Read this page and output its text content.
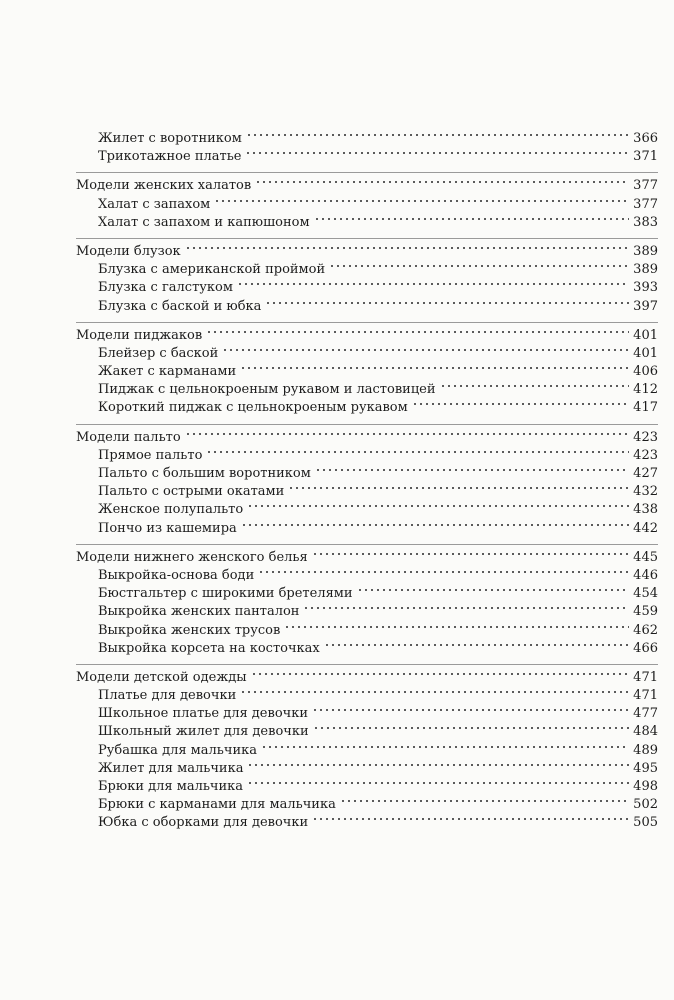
Жилет с воротником	366
Трикотажное платье	371
Модели женских халатов	377
Халат с запахом	377
Халат с запахом и капюшоном	383
Модели блузок	389
Блузка с американской проймой	389
Блузка с галстуком	393
Блузка с баской и юбка	397
Модели пиджаков	401
Блейзер с баской	401
Жакет с карманами	406
Пиджак с цельнокроеным рукавом и ластовицей	412
Короткий пиджак с цельнокроеным рукавом	417
Модели пальто	423
Прямое пальто	423
Пальто с большим воротником	427
Пальто с острыми окатами	432
Женское полупальто	438
Пончо из кашемира	442
Модели нижнего женского белья	445
Выкройка-основа боди	446
Бюстгальтер с широкими бретелями	454
Выкройка женских панталон	459
Выкройка женских трусов	462
Выкройка корсета на косточках	466
Модели детской одежды	471
Платье для девочки	471
Школьное платье для девочки	477
Школьный жилет для девочки	484
Рубашка для мальчика	489
Жилет для мальчика	495
Брюки для мальчика	498
Брюки с карманами для мальчика	502
Юбка с оборками для девочки	505
